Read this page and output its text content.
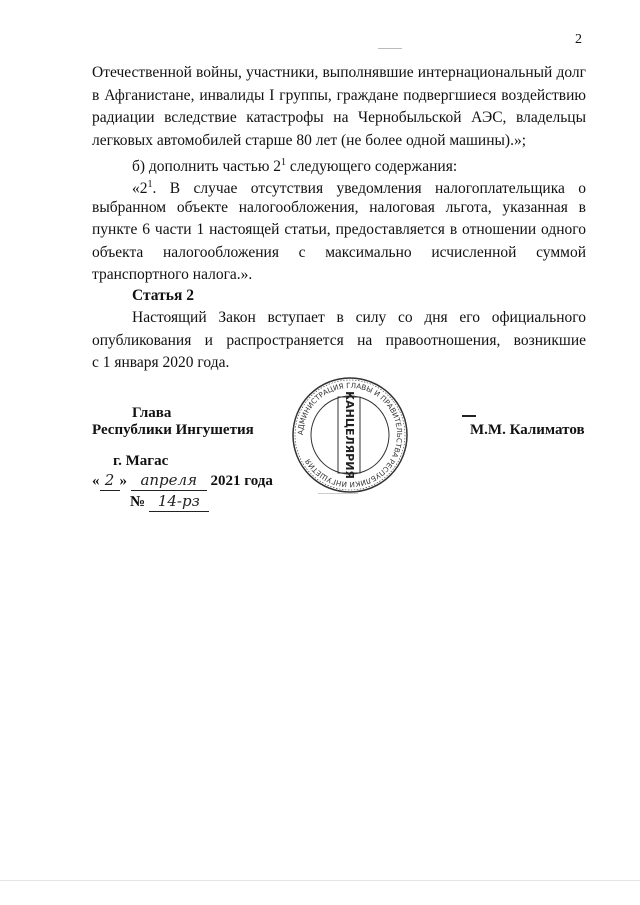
2
Отечественной войны, участники, выполнявшие интернациональный долг
в Афганистане, инвалиды I группы, граждане подвергшиеся воздействию
радиации вследствие катастрофы на Чернобыльской АЭС, владельцы
легковых автомобилей старше 80 лет (не более одной машины).»;
б) дополнить частью $2^1$ следующего содержания:
«$2^1$. В случае отсутствия уведомления налогоплательщика о
выбранном объекте налогообложения, налоговая льгота, указанная в
пункте 6 части 1 настоящей статьи, предоставляется в отношении одного
объекта налогообложения с максимально исчисленной суммой
транспортного налога.».
Статья 2
Настоящий Закон вступает в силу со дня его официального
опубликования и распространяется на правоотношения, возникшие
с 1 января 2020 года.
Глава
Республики Ингушетия	М.М. Калиматов
г. Магас
« 2 » апреля 2021 года
№ 14-рз
АДМИНИСТРАЦИЯ ГЛАВЫ И ПРАВИТЕЛЬСТВА РЕСПУБЛИКИ ИНГУШЕТИЯ	КАНЦЕЛЯРИЯ
